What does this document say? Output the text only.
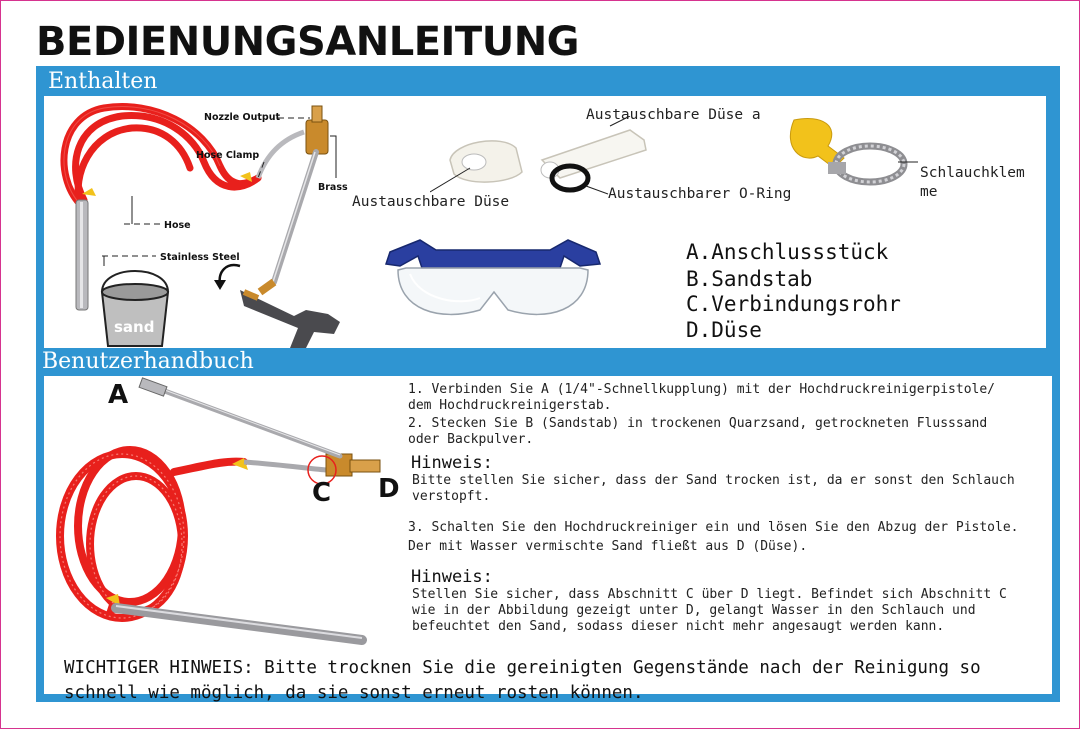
BEDIENUNGSANLEITUNG
Enthalten
Benutzerhandbuch
Nozzle Output
Hose Clamp
Brass
Hose
Stainless Steel
sand
Austauschbare Düse a
Austauschbare Düse	Austauschbarer O-Ring
Schlauchklem
me
A.Anschlussstück
B.Sandstab
C.Verbindungsrohr
D.Düse
A
C D
1. Verbinden Sie A (1/4"-Schnellkupplung) mit der Hochdruckreinigerpistole/
dem Hochdruckreinigerstab.
2. Stecken Sie B (Sandstab) in trockenen Quarzsand, getrockneten Flusssand
oder Backpulver.
Hinweis:
Bitte stellen Sie sicher, dass der Sand trocken ist, da er sonst den Schlauch
verstopft.
3. Schalten Sie den Hochdruckreiniger ein und lösen Sie den Abzug der Pistole.
Der mit Wasser vermischte Sand fließt aus D (Düse).
Hinweis:
Stellen Sie sicher, dass Abschnitt C über D liegt. Befindet sich Abschnitt C
wie in der Abbildung gezeigt unter D, gelangt Wasser in den Schlauch und
befeuchtet den Sand, sodass dieser nicht mehr angesaugt werden kann.
WICHTIGER HINWEIS: Bitte trocknen Sie die gereinigten Gegenstände nach der Reinigung so
schnell wie möglich, da sie sonst erneut rosten können.
